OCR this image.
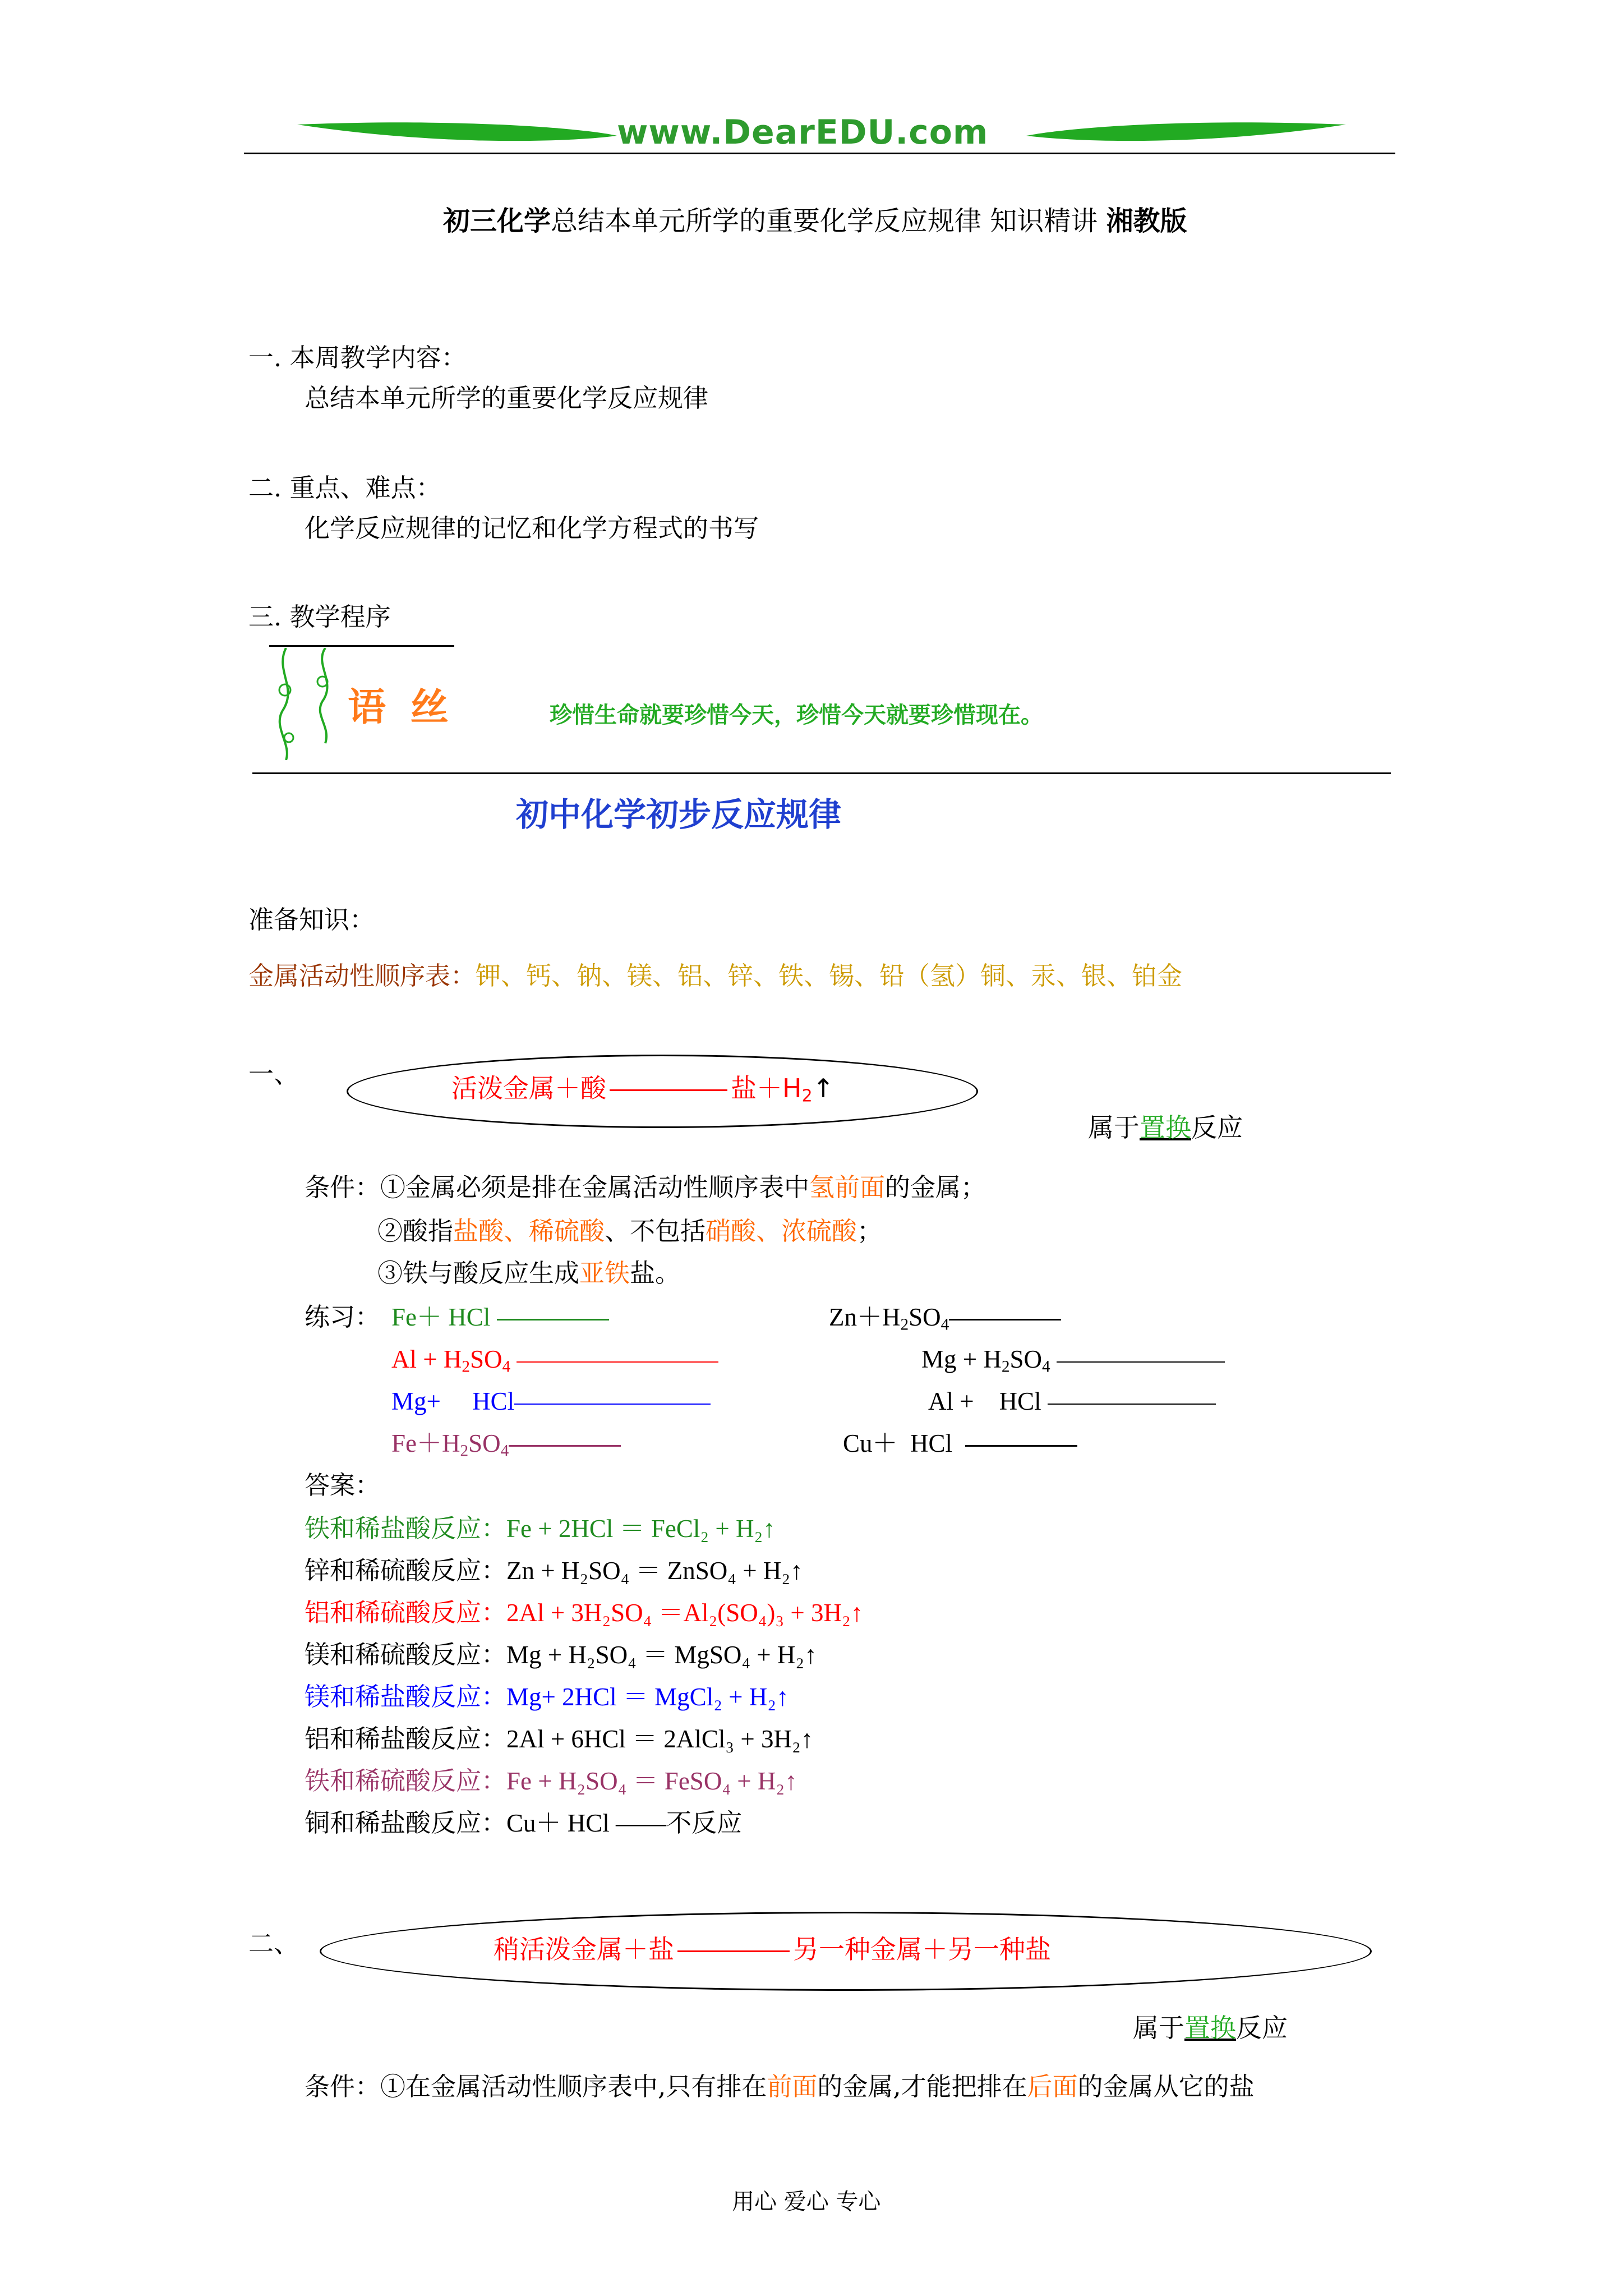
www.DearEDU.com
初三化学总结本单元所学的重要化学反应规律 知识精讲 湘教版
一. 本周教学内容：
总结本单元所学的重要化学反应规律
二. 重点、难点：
化学反应规律的记忆和化学方程式的书写
三. 教学程序
语 丝	珍惜生命就要珍惜今天，珍惜今天就要珍惜现在。
初中化学初步反应规律
准备知识：
金属活动性顺序表：钾、钙、钠、镁、铝、锌、铁、锡、铅（氢）铜、汞、银、铂金
一、	活泼金属＋酸	盐$+H_2↑$
属于置换反应
条件：①金属必须是排在金属活动性顺序表中氢前面的金属；
②酸指盐酸、稀硫酸、不包括硝酸、浓硫酸；
③铁与酸反应生成亚铁盐。
练习： Fe＋ HCl	$Zn+H_2SO_4$
$Al + H_2SO_4$	$Mg + H_2SO_4$
Mg+     HCl	Al +    HCl
$Fe+H_2SO_4$	Cu＋  HCl
答案：
铁和稀盐酸反应：Fe + 2HCl ＝ FeCl₂ + H₂↑
锌和稀硫酸反应：Zn + H₂SO₄ ＝ ZnSO₄ + H₂↑
铝和稀硫酸反应：2Al + 3H₂SO₄ ＝Al₂(SO₄)₃ + 3H₂↑
镁和稀硫酸反应：Mg + H₂SO₄ ＝ MgSO₄ + H₂↑
镁和稀盐酸反应：Mg+ 2HCl ＝ MgCl₂ + H₂↑
铝和稀盐酸反应：2Al + 6HCl ＝ 2AlCl₃ + 3H₂↑
铁和稀硫酸反应：Fe + H₂SO₄ ＝ FeSO₄ + H₂↑
铜和稀盐酸反应：Cu＋ HCl ——不反应
二、	稍活泼金属＋盐	另一种金属＋另一种盐
属于置换反应
条件：①在金属活动性顺序表中,只有排在前面的金属,才能把排在后面的金属从它的盐
用心 爱心 专心
